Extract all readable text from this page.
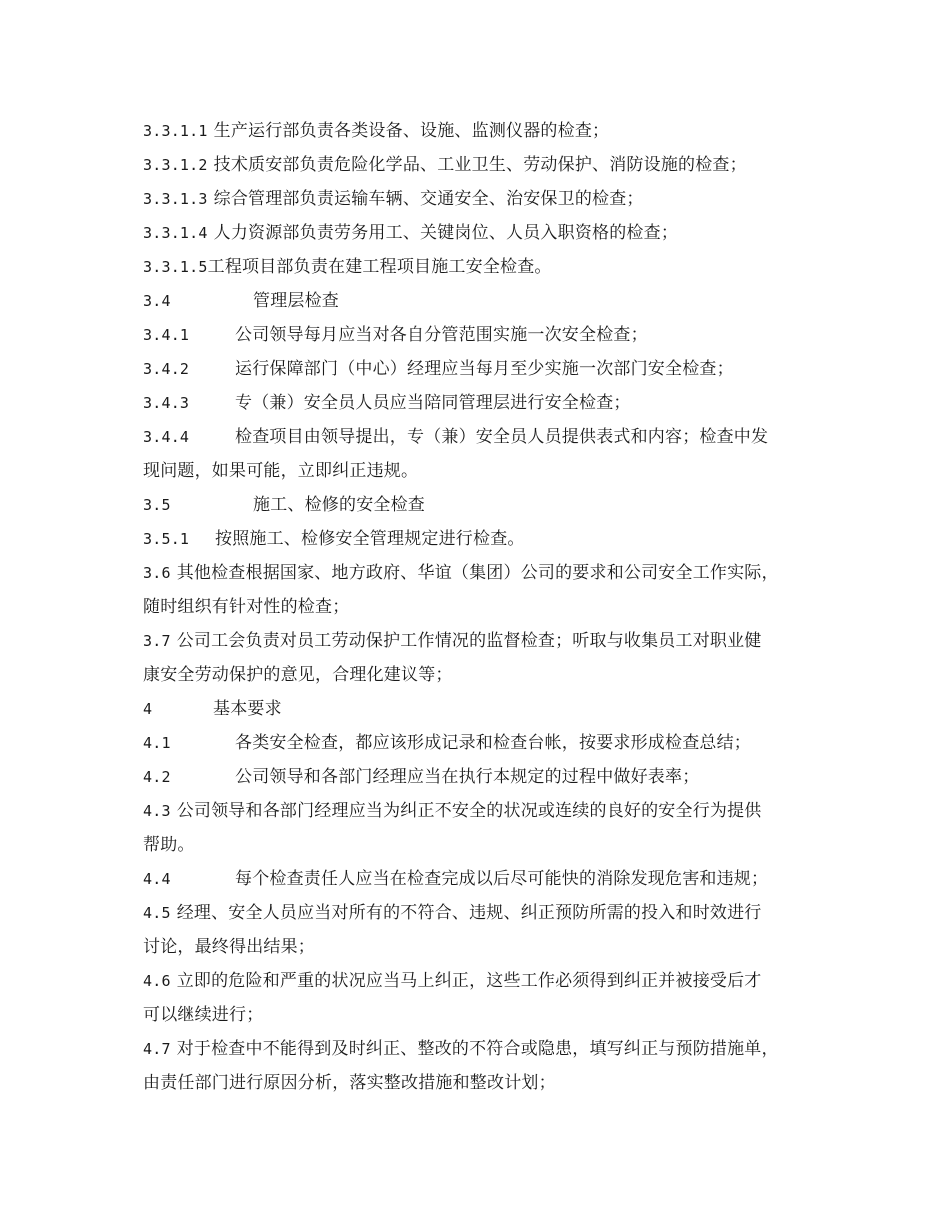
3.3.1.1 生产运行部负责各类设备、设施、监测仪器的检查；
3.3.1.2 技术质安部负责危险化学品、工业卫生、劳动保护、消防设施的检查；
3.3.1.3 综合管理部负责运输车辆、交通安全、治安保卫的检查；
3.3.1.4 人力资源部负责劳务用工、关键岗位、人员入职资格的检查；
3.3.1.5工程项目部负责在建工程项目施工安全检查。
3.4	管理层检查
3.4.1	公司领导每月应当对各自分管范围实施一次安全检查；
3.4.2	运行保障部门（中心）经理应当每月至少实施一次部门安全检查；
3.4.3	专（兼）安全员人员应当陪同管理层进行安全检查；
3.4.4	检查项目由领导提出，专（兼）安全员人员提供表式和内容；检查中发
现问题，如果可能，立即纠正违规。
3.5	施工、检修的安全检查
3.5.1 按照施工、检修安全管理规定进行检查。
3.6 其他检查根据国家、地方政府、华谊（集团）公司的要求和公司安全工作实际，
随时组织有针对性的检查；
3.7 公司工会负责对员工劳动保护工作情况的监督检查；听取与收集员工对职业健
康安全劳动保护的意见，合理化建议等；
4	基本要求
4.1	各类安全检查，都应该形成记录和检查台帐，按要求形成检查总结；
4.2	公司领导和各部门经理应当在执行本规定的过程中做好表率；
4.3 公司领导和各部门经理应当为纠正不安全的状况或连续的良好的安全行为提供
帮助。
4.4	每个检查责任人应当在检查完成以后尽可能快的消除发现危害和违规；
4.5 经理、安全人员应当对所有的不符合、违规、纠正预防所需的投入和时效进行
讨论，最终得出结果；
4.6 立即的危险和严重的状况应当马上纠正，这些工作必须得到纠正并被接受后才
可以继续进行；
4.7 对于检查中不能得到及时纠正、整改的不符合或隐患，填写纠正与预防措施单，
由责任部门进行原因分析，落实整改措施和整改计划；
